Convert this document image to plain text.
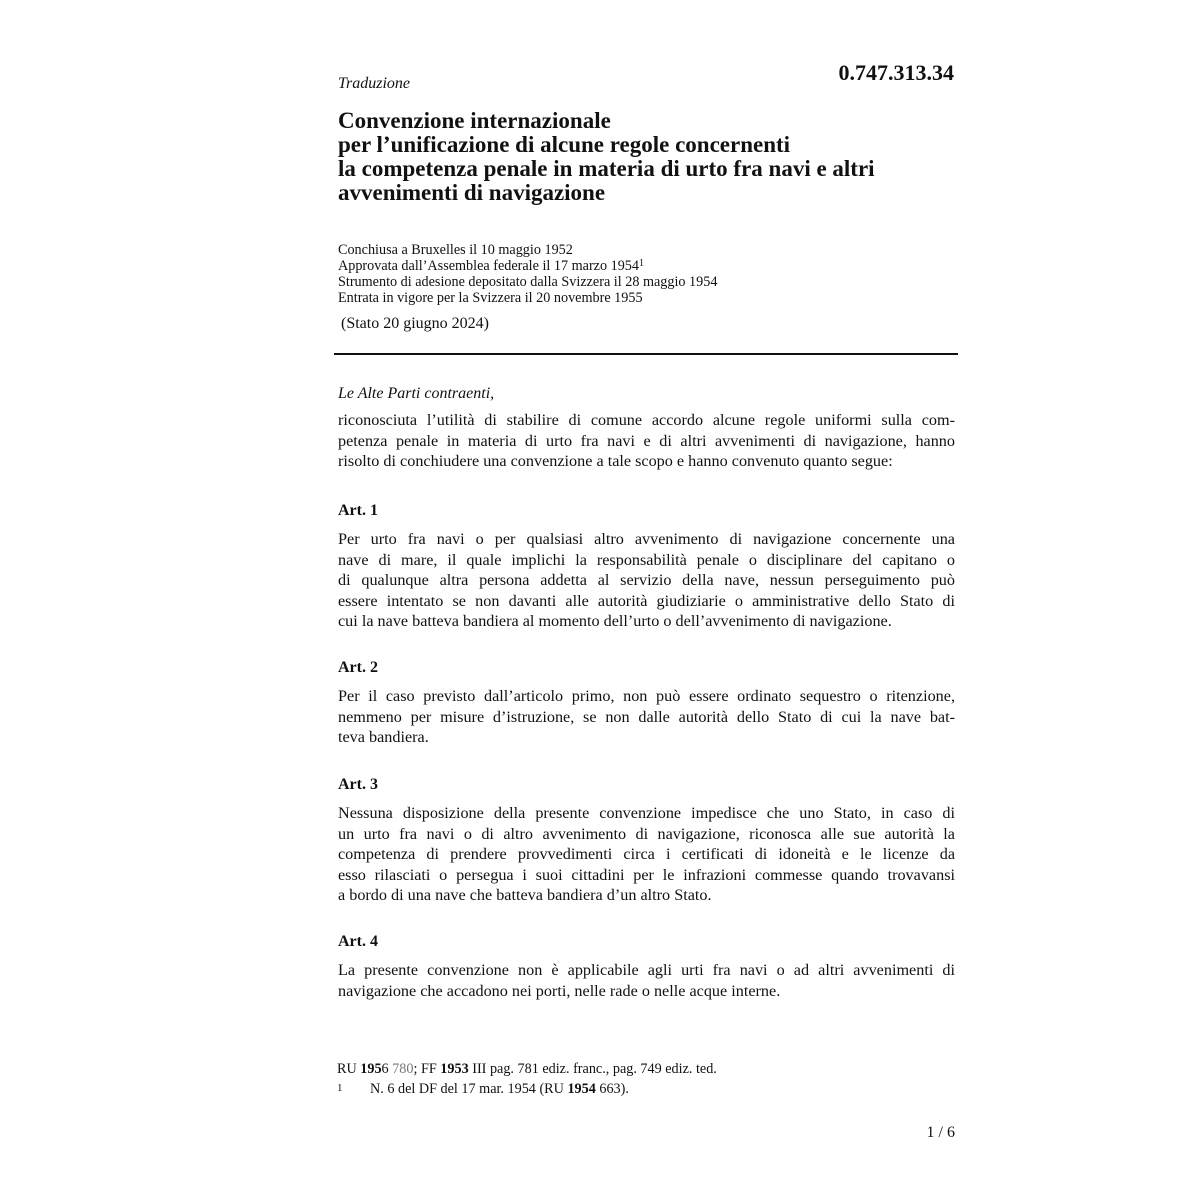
0.747.313.34
Traduzione
Convenzione internazionale
per l’unificazione di alcune regole concernenti
la competenza penale in materia di urto fra navi e altri
avvenimenti di navigazione
Conchiusa a Bruxelles il 10 maggio 1952
Approvata dall’Assemblea federale il 17 marzo 1954$^1$
Strumento di adesione depositato dalla Svizzera il 28 maggio 1954
Entrata in vigore per la Svizzera il 20 novembre 1955
(Stato 20 giugno 2024)
Le Alte Parti contraenti,
riconosciuta l’utilità di stabilire di comune accordo alcune regole uniformi sulla com-
petenza penale in materia di urto fra navi e di altri avvenimenti di navigazione, hanno
risolto di conchiudere una convenzione a tale scopo e hanno convenuto quanto segue:
Art. 1
Per urto fra navi o per qualsiasi altro avvenimento di navigazione concernente una
nave di mare, il quale implichi la responsabilità penale o disciplinare del capitano o
di qualunque altra persona addetta al servizio della nave, nessun perseguimento può
essere intentato se non davanti alle autorità giudiziarie o amministrative dello Stato di
cui la nave batteva bandiera al momento dell’urto o dell’avvenimento di navigazione.
Art. 2
Per il caso previsto dall’articolo primo, non può essere ordinato sequestro o ritenzione,
nemmeno per misure d’istruzione, se non dalle autorità dello Stato di cui la nave bat-
teva bandiera.
Art. 3
Nessuna disposizione della presente convenzione impedisce che uno Stato, in caso di
un urto fra navi o di altro avvenimento di navigazione, riconosca alle sue autorità la
competenza di prendere provvedimenti circa i certificati di idoneità e le licenze da
esso rilasciati o persegua i suoi cittadini per le infrazioni commesse quando trovavansi
a bordo di una nave che batteva bandiera d’un altro Stato.
Art. 4
La presente convenzione non è applicabile agli urti fra navi o ad altri avvenimenti di
navigazione che accadono nei porti, nelle rade o nelle acque interne.
RU 1956 780; FF 1953 III pag. 781 ediz. franc., pag. 749 ediz. ted.
1 N. 6 del DF del 17 mar. 1954 (RU 1954 663).
1 / 6
